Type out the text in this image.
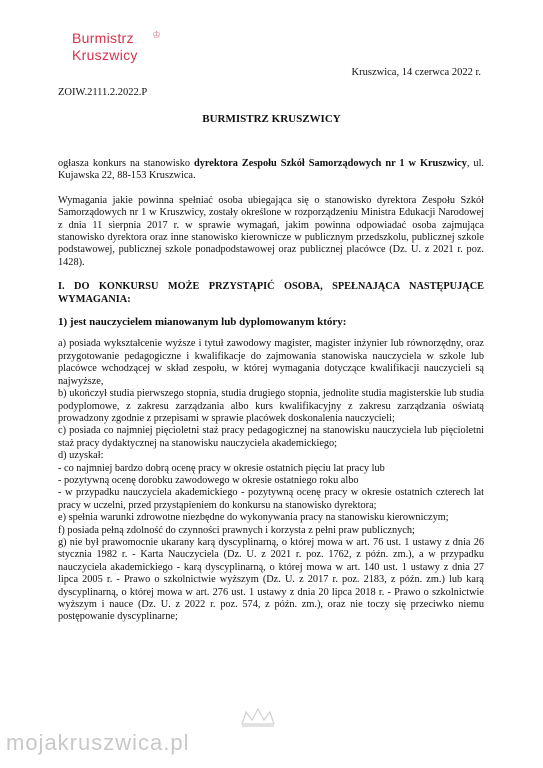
Burmistrz
Kruszwicy
♔
Kruszwica, 14 czerwca 2022 r.
ZOIW.2111.2.2022.P
BURMISTRZ KRUSZWICY

ogłasza konkurs na stanowisko dyrektora Zespołu Szkół Samorządowych nr 1 w Kruszwicy, ul. Kujawska 22, 88-153 Kruszwica.

Wymagania jakie powinna spełniać osoba ubiegająca się o stanowisko dyrektora Zespołu Szkół Samorządowych nr 1 w Kruszwicy, zostały określone w rozporządzeniu Ministra Edukacji Narodowej z dnia 11 sierpnia 2017 r. w sprawie wymagań, jakim powinna odpowiadać osoba zajmująca stanowisko dyrektora oraz inne stanowisko kierownicze w publicznym przedszkolu, publicznej szkole podstawowej, publicznej szkole ponadpodstawowej oraz publicznej placówce (Dz. U. z 2021 r. poz. 1428).

I. DO KONKURSU MOŻE PRZYSTĄPIĆ OSOBA, SPEŁNAJĄCA NASTĘPUJĄCE WYMAGANIA:
1) jest nauczycielem mianowanym lub dyplomowanym który:
a) posiada wykształcenie wyższe i tytuł zawodowy magister, magister inżynier lub równorzędny, oraz przygotowanie pedagogiczne i kwalifikacje do zajmowania stanowiska nauczyciela w szkole lub placówce wchodzącej w skład zespołu, w której wymagania dotyczące kwalifikacji nauczycieli są najwyższe,
b) ukończył studia pierwszego stopnia, studia drugiego stopnia, jednolite studia magisterskie lub studia podyplomowe, z zakresu zarządzania albo kurs kwalifikacyjny z zakresu zarządzania oświatą prowadzony zgodnie z przepisami w sprawie placówek doskonalenia nauczycieli;
c) posiada co najmniej pięcioletni staż pracy pedagogicznej na stanowisku nauczyciela lub pięcioletni staż pracy dydaktycznej na stanowisku nauczyciela akademickiego;
d) uzyskał:
- co najmniej bardzo dobrą ocenę pracy w okresie ostatnich pięciu lat pracy lub
- pozytywną ocenę dorobku zawodowego w okresie ostatniego roku albo
- w przypadku nauczyciela akademickiego - pozytywną ocenę pracy w okresie ostatnich czterech lat pracy w uczelni, przed przystąpieniem do konkursu na stanowisko dyrektora;
e) spełnia warunki zdrowotne niezbędne do wykonywania pracy na stanowisku kierowniczym;
f) posiada pełną zdolność do czynności prawnych i korzysta z pełni praw publicznych;
g) nie był prawomocnie ukarany karą dyscyplinarną, o której mowa w art. 76 ust. 1 ustawy z dnia 26 stycznia 1982 r. - Karta Nauczyciela (Dz. U. z 2021 r. poz. 1762, z późn. zm.), a w przypadku nauczyciela akademickiego - karą dyscyplinarną, o której mowa w art. 140 ust. 1 ustawy z dnia 27 lipca 2005 r. - Prawo o szkolnictwie wyższym (Dz. U. z 2017 r. poz. 2183, z późn. zm.) lub karą dyscyplinarną, o której mowa w art. 276 ust. 1 ustawy z dnia 20 lipca 2018 r. - Prawo o szkolnictwie wyższym i nauce (Dz. U. z 2022 r. poz. 574, z późn. zm.), oraz nie toczy się przeciwko niemu postępowanie dyscyplinarne;
mojakruszwica.pl
